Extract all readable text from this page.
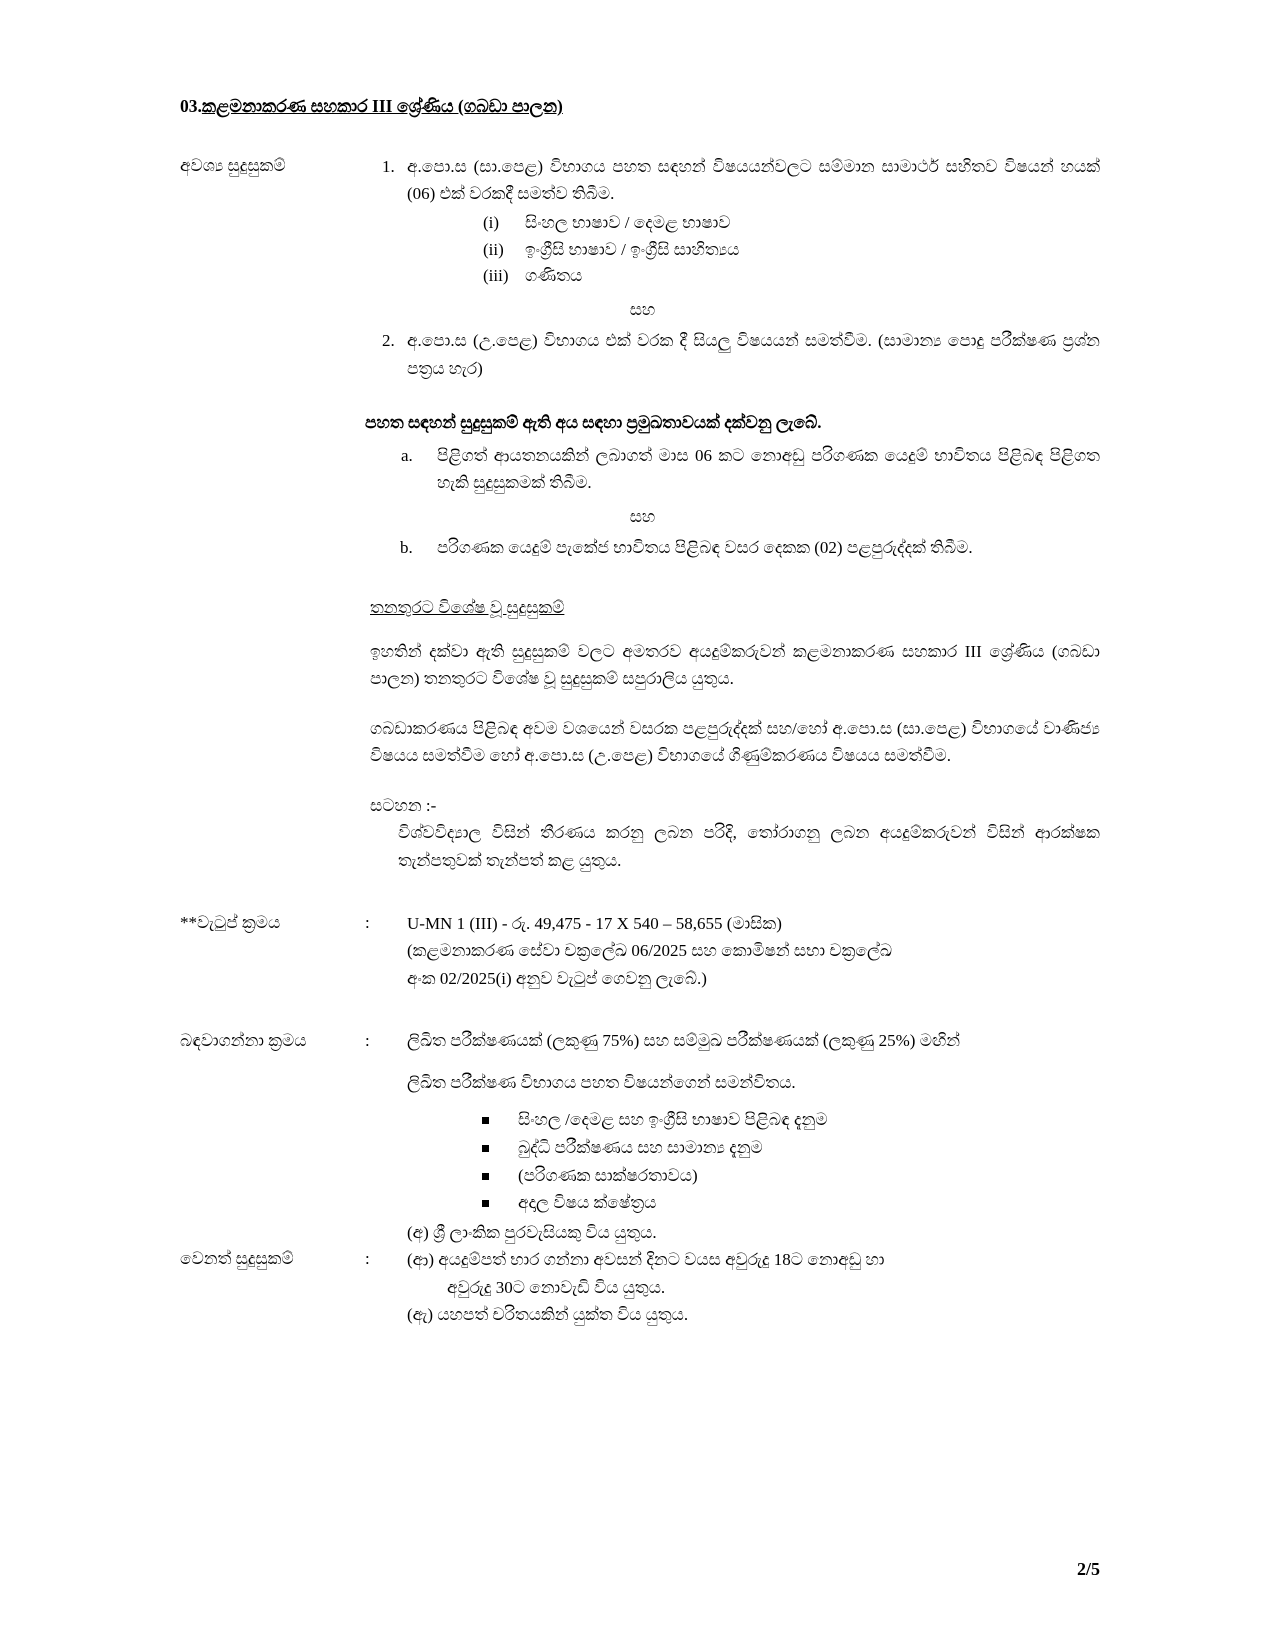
03.කළමනාකරණ සහකාර III ශ්‍රේණිය (ගබඩා පාලන)
අවශ්‍ය සුදුසුකම්	1. අ.පො.ස (සා.පෙළ) විභාගය පහත සඳහන් විෂයයන්වලට සම්මාන සාමාර්ථ සහිතව විෂයන් හයක් (06) එක් වරකදී සමත්ව තිබීම.
(i)	සිංහල භාෂාව / දෙමළ භාෂාව
(ii)	ඉංග්‍රීසි භාෂාව / ඉංග්‍රීසි සාහිත්‍යය
(iii) ගණිතය
සහ
2. අ.පො.ස (උ.පෙළ) විභාගය එක් වරක දී සියලු විෂයයන් සමත්වීම. (සාමාන්‍ය පොදු පරීක්ෂණ ප්‍රශ්න පත්‍රය හැර)
පහත සඳහන් සුදුසුකම් ඇති අය සඳහා ප්‍රමුඛතාවයක් දක්වනු ලැබේ.
a. පිළිගත් ආයතනයකින් ලබාගත් මාස 06 කට නොඅඩු පරිගණක යෙදුම් භාවිතය පිළිබඳ පිළිගත හැකි සුදුසුකමක් තිබීම.
සහ
b. පරිගණක යෙදුම් පැකේජ භාවිතය පිළිබඳ වසර දෙකක (02) පළපුරුද්දක් තිබීම.
තනතුරට විශේෂ වූ සුදුසුකම්
ඉහතින් දක්වා ඇති සුදුසුකම් වලට අමතරව අයදුම්කරුවන් කළමනාකරණ සහකාර III ශ්‍රේණිය (ගබඩා පාලන) තනතුරට විශේෂ වූ සුදුසුකම් සපුරාලිය යුතුය.
ගබඩාකරණය පිළිබඳ අවම වශයෙන් වසරක පළපුරුද්දක් සහ/හෝ අ.පො.ස (සා.පෙළ) විභාගයේ වාණිජ්‍ය විෂයය සමත්වීම හෝ අ.පො.ස (උ.පෙළ) විභාගයේ ගිණුම්කරණය විෂයය සමත්වීම.
සටහන :-
විශ්වවිද්‍යාල විසින් තීරණය කරනු ලබන පරිදි, තෝරාගනු ලබන අයදුම්කරුවන් විසින් ආරක්ෂක තැන්පතුවක් තැන්පත් කළ යුතුය.
**වැටුප් ක්‍රමය	:	U-MN 1 (III) - රු. 49,475 - 17 X 540 – 58,655 (මාසික)
(කළමනාකරණ සේවා චක්‍රලේඛ 06/2025 සහ කොමිෂන් සභා චක්‍රලේඛ
අංක 02/2025(i) අනුව වැටුප් ගෙවනු ලැබේ.)
බඳවාගන්නා ක්‍රමය	:	ලිඛිත පරීක්ෂණයක් (ලකුණු 75%) සහ සම්මුඛ පරීක්ෂණයක් (ලකුණු 25%) මඟින්
ලිඛිත පරීක්ෂණ විභාගය පහත විෂයන්ගෙන් සමන්විතය.
සිංහල /දෙමළ සහ ඉංග්‍රීසි භාෂාව පිළිබඳ දැනුම
බුද්ධි පරීක්ෂණය සහ සාමාන්‍ය දැනුම
(පරිගණක සාක්ෂරතාවය)
අදාල විෂය ක්ෂේත්‍රය
(අ) ශ්‍රී ලාංකික පුරවැසියකු විය යුතුය.
වෙනත් සුදුසුකම්	:	(ආ) අයදුම්පත් භාර ගන්නා අවසන් දිනට වයස අවුරුදු 18ට නොඅඩු හා
අවුරුදු 30ට නොවැඩි විය යුතුය.
(ඇ) යහපත් චරිතයකින් යුක්ත විය යුතුය.
2/5
